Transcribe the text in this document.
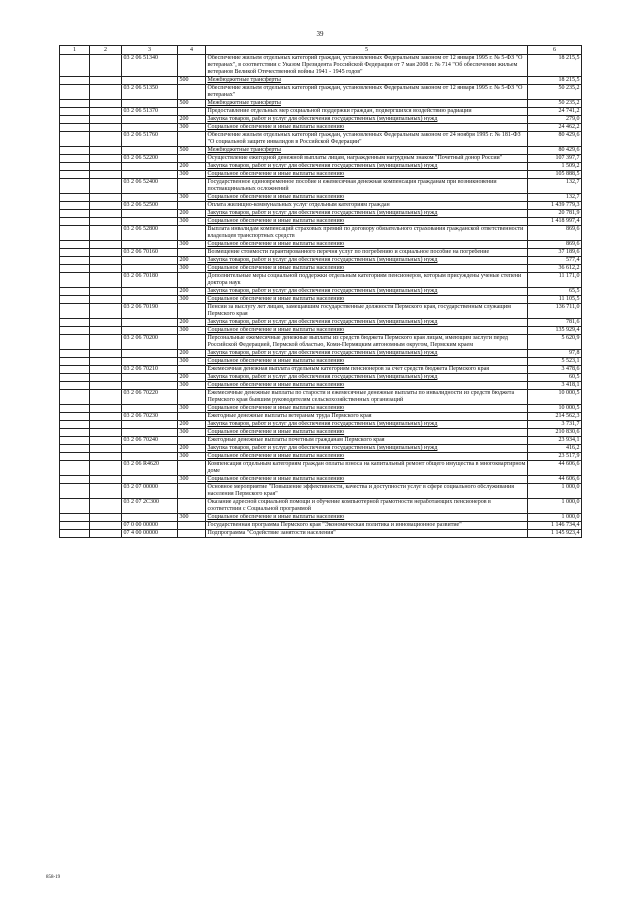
39
1	2	3	4	5	6
		03 2 06 51340		Обеспечение жильем отдельных категорий граждан, установленных Федеральным законом от 12 января 1995 г. № 5-ФЗ "О ветеранах", в соответствии с Указом Президента Российской Федерации от 7 мая 2008 г. № 714 "Об обеспечении жильем ветеранов Великой Отечественной войны 1941 - 1945 годов"	18 215,5
			500	Межбюджетные трансферты	18 215,5
		03 2 06 51350		Обеспечение жильем отдельных категорий граждан, установленных Федеральным законом от 12 января 1995 г. № 5-ФЗ "О ветеранах"	50 235,2
			500	Межбюджетные трансферты	50 235,2
		03 2 06 51370		Предоставление отдельных мер социальной поддержки граждан, подвергшихся воздействию радиации	24 741,2
			200	Закупка товаров, работ и услуг для обеспечения государственных (муниципальных) нужд	279,0
			300	Социальное обеспечение и иные выплаты населению	24 462,2
		03 2 06 51760		Обеспечение жильем отдельных категорий граждан, установленных Федеральным законом от 24 ноября 1995 г. № 181-ФЗ "О социальной защите инвалидов в Российской Федерации"	80 429,6
			500	Межбюджетные трансферты	80 429,6
		03 2 06 52200		Осуществление ежегодной денежной выплаты лицам, награжденным нагрудным знаком "Почетный донор России"	107 397,7
			200	Закупка товаров, работ и услуг для обеспечения государственных (муниципальных) нужд	1 509,2
			300	Социальное обеспечение и иные выплаты населению	105 888,5
		03 2 06 52400		Государственное единовременное пособие и ежемесячная денежная компенсация гражданам при возникновении поствакцинальных осложнений	132,7
			300	Социальное обеспечение и иные выплаты населению	132,7
		03 2 06 52500		Оплата жилищно-коммунальных услуг отдельным категориям граждан	1 439 779,3
			200	Закупка товаров, работ и услуг для обеспечения государственных (муниципальных) нужд	20 781,9
			300	Социальное обеспечение и иные выплаты населению	1 418 997,4
		03 2 06 52800		Выплата инвалидам компенсаций страховых премий по договору обязательного страхования гражданской ответственности владельцев транспортных средств	869,6
			300	Социальное обеспечение и иные выплаты населению	869,6
		03 2 06 70160		Возмещение стоимости гарантированного перечня услуг по погребению и социальное пособие на погребение	37 189,6
			200	Закупка товаров, работ и услуг для обеспечения государственных (муниципальных) нужд	577,4
			300	Социальное обеспечение и иные выплаты населению	36 612,2
		03 2 06 70180		Дополнительные меры социальной поддержки отдельным категориям пенсионеров, которым присуждены ученые степени доктора наук	11 171,0
			200	Закупка товаров, работ и услуг для обеспечения государственных (муниципальных) нужд	65,5
			300	Социальное обеспечение и иные выплаты населению	11 105,5
		03 2 06 70190		Пенсии за выслугу лет лицам, замещавшим государственные должности Пермского края, государственным служащим Пермского края	136 711,0
			200	Закупка товаров, работ и услуг для обеспечения государственных (муниципальных) нужд	781,6
			300	Социальное обеспечение и иные выплаты населению	135 929,4
		03 2 06 70200		Персональные ежемесячные денежные выплаты из средств бюджета Пермского края лицам, имеющим заслуги перед Российской Федерацией, Пермской областью, Коми-Пермяцким автономным округом, Пермским краем	5 620,9
			200	Закупка товаров, работ и услуг для обеспечения государственных (муниципальных) нужд	97,8
			300	Социальное обеспечение и иные выплаты населению	5 523,1
		03 2 06 70210		Ежемесячная денежная выплата отдельным категориям пенсионеров за счет средств бюджета Пермского края	3 478,6
			200	Закупка товаров, работ и услуг для обеспечения государственных (муниципальных) нужд	60,5
			300	Социальное обеспечение и иные выплаты населению	3 418,1
		03 2 06 70220		Ежемесячные денежные выплаты по старости и ежемесячные денежные выплаты по инвалидности из средств бюджета Пермского края бывшим руководителям сельскохозяйственных организаций	10 000,5
			300	Социальное обеспечение и иные выплаты населению	10 000,5
		03 2 06 70230		Ежегодные денежные выплаты ветеранам труда Пермского края	214 562,3
			200	Закупка товаров, работ и услуг для обеспечения государственных (муниципальных) нужд	3 731,7
			300	Социальное обеспечение и иные выплаты населению	210 830,6
		03 2 06 70240		Ежегодные денежные выплаты почетным гражданам Пермского края	23 934,1
			200	Закупка товаров, работ и услуг для обеспечения государственных (муниципальных) нужд	416,2
			300	Социальное обеспечение и иные выплаты населению	23 517,9
		03 2 06 R4620		Компенсация отдельным категориям граждан оплаты взноса на капитальный ремонт общего имущества в многоквартирном доме	44 606,6
			300	Социальное обеспечение и иные выплаты населению	44 606,6
		03 2 07 00000		Основное мероприятие "Повышение эффективности, качества и доступности услуг в сфере социального обслуживания населения Пермского края"	1 000,0
		03 2 07 2С300		Оказание адресной социальной помощи и обучение компьютерной грамотности неработающих пенсионеров в соответствии с Социальной программой	1 000,0
			300	Социальное обеспечение и иные выплаты населению	1 000,0
		07 0 00 00000		Государственная программа Пермского края "Экономическая политика и инновационное развитие"	1 146 734,4
		07 4 00 00000		Подпрограмма "Содействие занятости населения"	1 145 923,4
858-19
